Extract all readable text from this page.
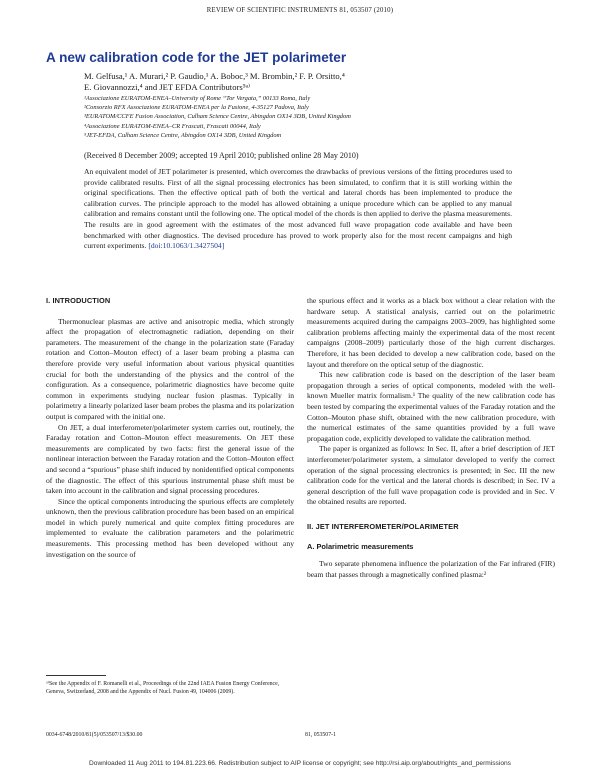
REVIEW OF SCIENTIFIC INSTRUMENTS 81, 053507 (2010)
A new calibration code for the JET polarimeter
M. Gelfusa,¹ A. Murari,² P. Gaudio,¹ A. Boboc,³ M. Brombin,² F. P. Orsitto,⁴
E. Giovannozzi,⁴ and JET EFDA Contributors⁵ᵃ⁾
¹Associazione EURATOM-ENEA–University of Rome “Tor Vergata,” 00133 Roma, Italy
²Consorzio RFX Associazione EURATOM-ENEA per la Fusione, 4-35127 Padova, Italy
³EURATOM/CCFE Fusion Association, Culham Science Centre, Abingdon OX14 3DB, United Kingdom
⁴Associazione EURATOM-ENEA–CR Frascati, Frascati 00044, Italy
⁵JET-EFDA, Culham Science Centre, Abingdon OX14 3DB, United Kingdom
(Received 8 December 2009; accepted 19 April 2010; published online 28 May 2010)

An equivalent model of JET polarimeter is presented, which overcomes the drawbacks of previous versions of the fitting procedures used to provide calibrated results. First of all the signal processing electronics has been simulated, to confirm that it is still working within the original specifications. Then the effective optical path of both the vertical and lateral chords has been implemented to produce the calibration curves. The principle approach to the model has allowed obtaining a unique procedure which can be applied to any manual calibration and remains constant until the following one. The optical model of the chords is then applied to derive the plasma measurements. The results are in good agreement with the estimates of the most advanced full wave propagation code available and have been benchmarked with other diagnostics. The devised procedure has proved to work properly also for the most recent campaigns and high current experiments. [doi:10.1063/1.3427504]

I. INTRODUCTION

Thermonuclear plasmas are active and anisotropic media, which strongly affect the propagation of electromagnetic radiation, depending on their parameters. The measurement of the change in the polarization state (Faraday rotation and Cotton–Mouton effect) of a laser beam probing a plasma can therefore provide very useful information about various physical quantities crucial for both the understanding of the physics and the control of the configuration. As a consequence, polarimetric diagnostics have become quite common in experiments studying nuclear fusion plasmas. Typically in polarimetry a linearly polarized laser beam probes the plasma and its polarization output is compared with the initial one.

On JET, a dual interferometer/polarimeter system carries out, routinely, the Faraday rotation and Cotton–Mouton effect measurements. On JET these measurements are complicated by two facts: first the general issue of the nonlinear interaction between the Faraday rotation and the Cotton–Mouton effect and second a “spurious” phase shift induced by nonidentified optical components of the diagnostic. The effect of this spurious instrumental phase shift must be taken into account in the calibration and signal processing procedures.

Since the optical components introducing the spurious effects are completely unknown, then the previous calibration procedure has been based on an empirical model in which purely numerical and quite complex fitting procedures are implemented to evaluate the calibration parameters and the polarimetric measurements. This processing method has been developed without any investigation on the source of

the spurious effect and it works as a black box without a clear relation with the hardware setup. A statistical analysis, carried out on the polarimetric measurements acquired during the campaigns 2003–2009, has highlighted some calibration problems affecting mainly the experimental data of the most recent campaigns (2008–2009) particularly those of the high current discharges. Therefore, it has been decided to develop a new calibration code, based on the layout and therefore on the optical setup of the diagnostic.

This new calibration code is based on the description of the laser beam propagation through a series of optical components, modeled with the well-known Mueller matrix formalism.¹ The quality of the new calibration code has been tested by comparing the experimental values of the Faraday rotation and the Cotton–Mouton phase shift, obtained with the new calibration procedure, with the numerical estimates of the same quantities provided by a full wave propagation code, explicitly developed to validate the calibration method.

The paper is organized as follows: In Sec. II, after a brief description of JET interferometer/polarimeter system, a simulator developed to verify the correct operation of the signal processing electronics is presented; in Sec. III the new calibration code for the vertical and the lateral chords is described; in Sec. IV a general description of the full wave propagation code is provided and in Sec. V the obtained results are reported.

II. JET INTERFEROMETER/POLARIMETER
A. Polarimetric measurements

Two separate phenomena influence the polarization of the Far infrared (FIR) beam that passes through a magnetically confined plasma:²

ᵃ⁾See the Appendix of F. Romanelli et al., Proceedings of the 22nd IAEA Fusion Energy Conference, Geneva, Switzerland, 2008 and the Appendix of Nucl. Fusion 49, 104006 (2009).
0034-6748/2010/81(5)/053507/13/$30.00	81, 053507-1
Downloaded 11 Aug 2011 to 194.81.223.66. Redistribution subject to AIP license or copyright; see http://rsi.aip.org/about/rights_and_permissions
